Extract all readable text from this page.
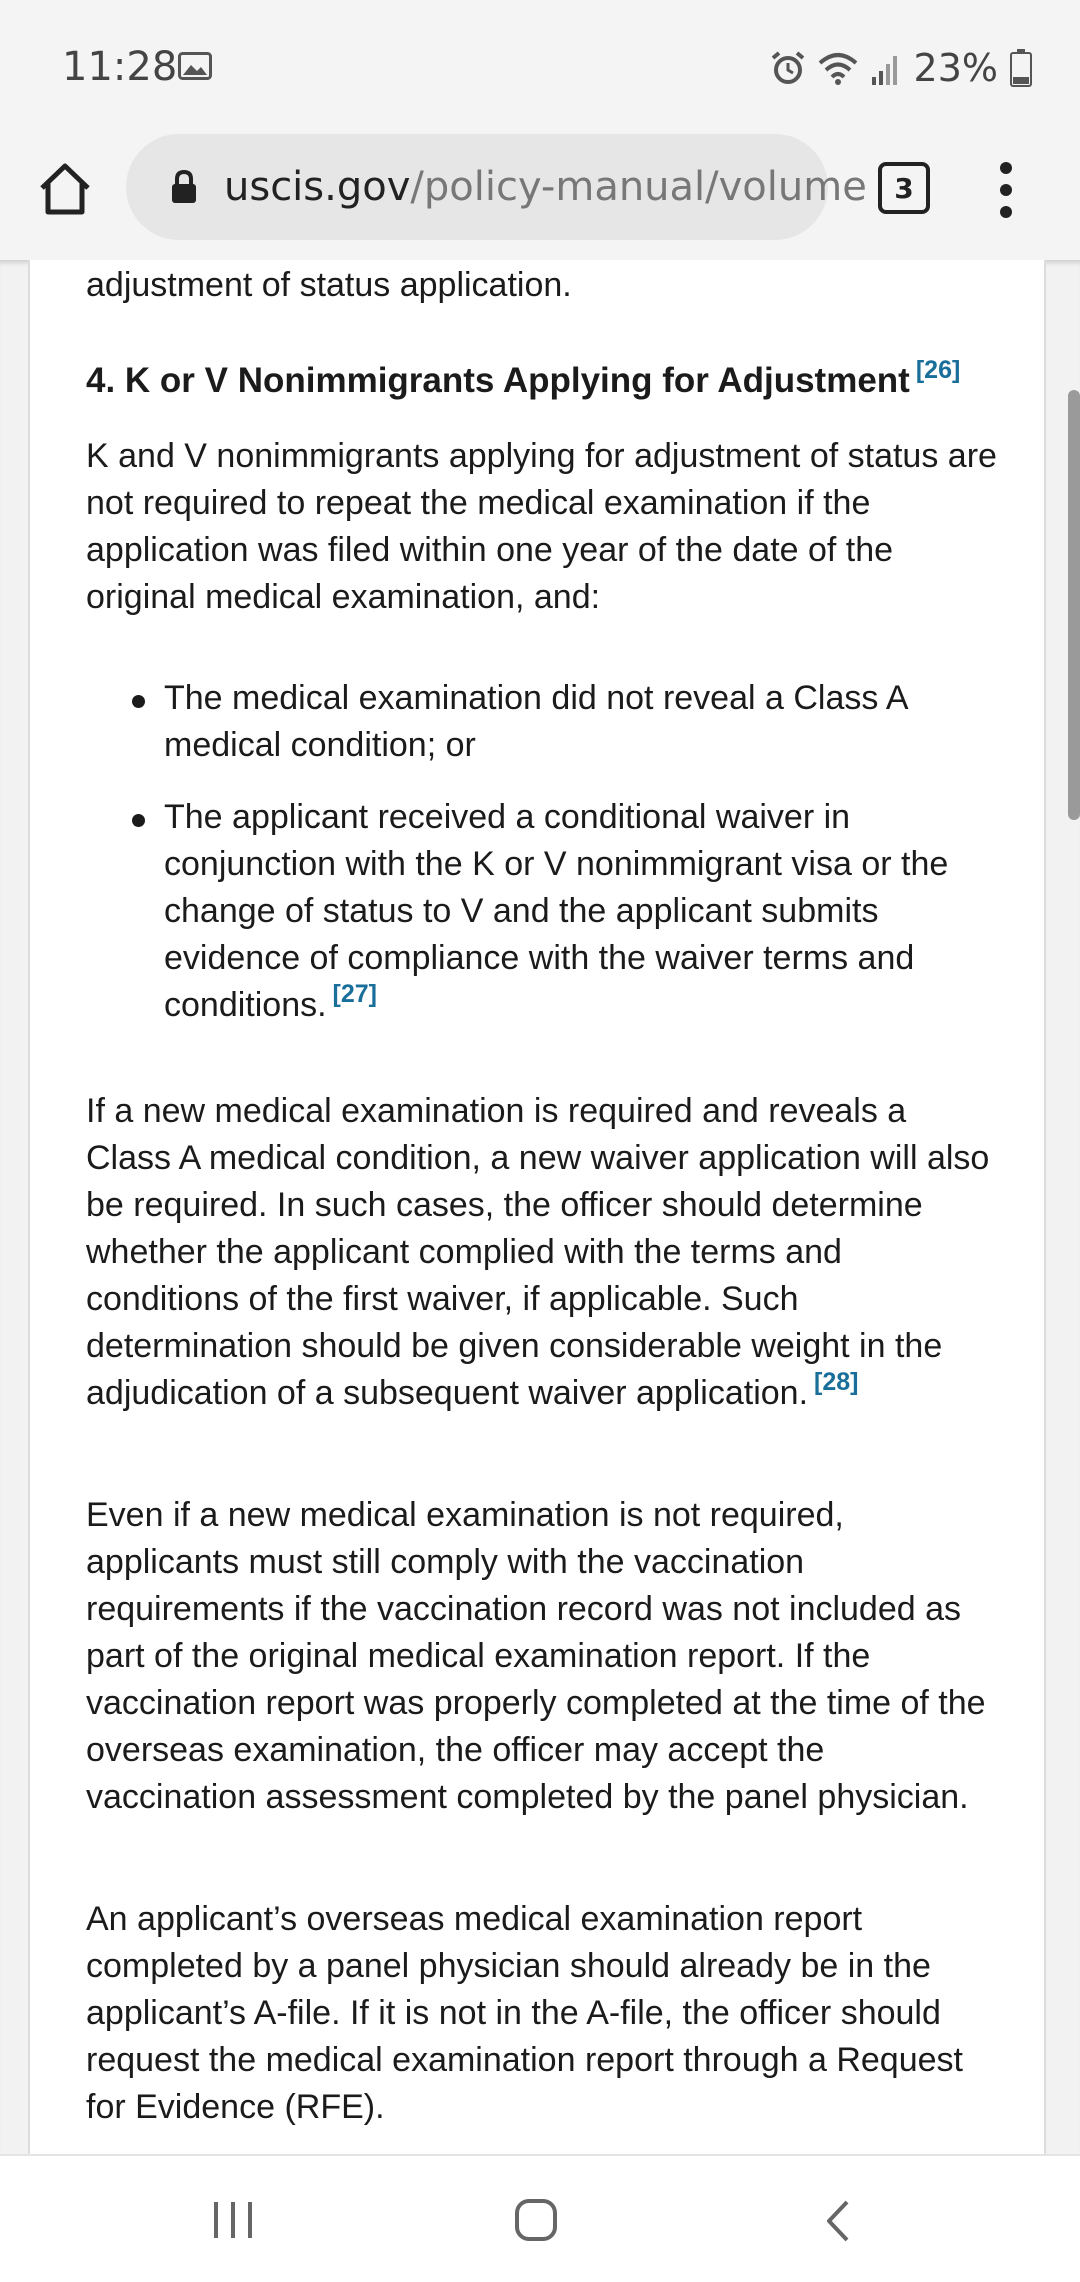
11:28	23%
uscis.gov/policy-manual/volume 3

adjustment of status application.

4. K or V Nonimmigrants Applying for Adjustment [26]

K and V nonimmigrants applying for adjustment of status are not required to repeat the medical examination if the application was filed within one year of the date of the original medical examination, and:

The medical examination did not reveal a Class A medical condition; or
The applicant received a conditional waiver in conjunction with the K or V nonimmigrant visa or the change of status to V and the applicant submits evidence of compliance with the waiver terms and conditions. [27]

If a new medical examination is required and reveals a Class A medical condition, a new waiver application will also be required. In such cases, the officer should determine whether the applicant complied with the terms and conditions of the first waiver, if applicable. Such determination should be given considerable weight in the adjudication of a subsequent waiver application. [28]

Even if a new medical examination is not required, applicants must still comply with the vaccination requirements if the vaccination record was not included as part of the original medical examination report. If the vaccination report was properly completed at the time of the overseas examination, the officer may accept the vaccination assessment completed by the panel physician.

An applicant’s overseas medical examination report completed by a panel physician should already be in the applicant’s A-file. If it is not in the A-file, the officer should request the medical examination report through a Request for Evidence (RFE).
